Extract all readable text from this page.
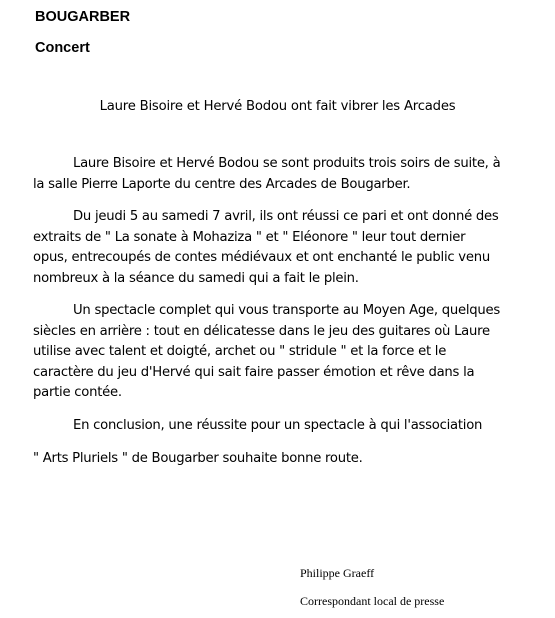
BOUGARBER
Concert
Laure Bisoire et Hervé Bodou ont fait vibrer les Arcades

Laure Bisoire et Hervé Bodou se sont produits trois soirs de suite, à
la salle Pierre Laporte du centre des Arcades de Bougarber.

Du jeudi 5 au samedi 7 avril, ils ont réussi ce pari et ont donné des
extraits de " La sonate à Mohaziza " et " Eléonore " leur tout dernier
opus, entrecoupés de contes médiévaux et ont enchanté le public venu
nombreux à la séance du samedi qui a fait le plein.

Un spectacle complet qui vous transporte au Moyen Age, quelques
siècles en arrière : tout en délicatesse dans le jeu des guitares où Laure
utilise avec talent et doigté, archet ou " stridule " et la force et le
caractère du jeu d'Hervé qui sait faire passer émotion et rêve dans la
partie contée.

En conclusion, une réussite pour un spectacle à qui l'association
" Arts Pluriels " de Bougarber souhaite bonne route.
Philippe Graeff
Correspondant local de presse
